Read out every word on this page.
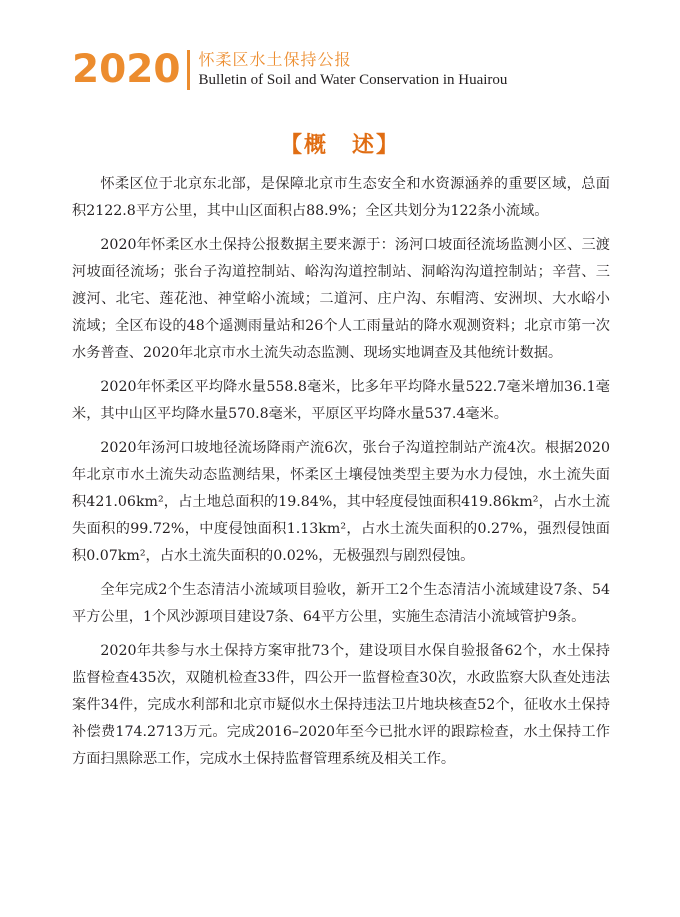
2020 怀柔区水土保持公报
Bulletin of Soil and Water Conservation in Huairou
【概　述】

怀柔区位于北京东北部，是保障北京市生态安全和水资源涵养的重要区域，总面积2122.8平方公里，其中山区面积占88.9%；全区共划分为122条小流域。

2020年怀柔区水土保持公报数据主要来源于：汤河口坡面径流场监测小区、三渡河坡面径流场；张台子沟道控制站、峪沟沟道控制站、洞峪沟沟道控制站；辛营、三渡河、北宅、莲花池、神堂峪小流域；二道河、庄户沟、东帽湾、安洲坝、大水峪小流域；全区布设的48个遥测雨量站和26个人工雨量站的降水观测资料；北京市第一次水务普查、2020年北京市水土流失动态监测、现场实地调查及其他统计数据。

2020年怀柔区平均降水量558.8毫米，比多年平均降水量522.7毫米增加36.1毫米，其中山区平均降水量570.8毫米，平原区平均降水量537.4毫米。

2020年汤河口坡地径流场降雨产流6次，张台子沟道控制站产流4次。根据2020年北京市水土流失动态监测结果，怀柔区土壤侵蚀类型主要为水力侵蚀，水土流失面积421.06km²，占土地总面积的19.84%，其中轻度侵蚀面积419.86km²，占水土流失面积的99.72%，中度侵蚀面积1.13km²，占水土流失面积的0.27%，强烈侵蚀面积0.07km²，占水土流失面积的0.02%，无极强烈与剧烈侵蚀。

全年完成2个生态清洁小流域项目验收，新开工2个生态清洁小流域建设7条、54平方公里，1个风沙源项目建设7条、64平方公里，实施生态清洁小流域管护9条。

2020年共参与水土保持方案审批73个，建设项目水保自验报备62个，水土保持监督检查435次，双随机检查33件，四公开一监督检查30次，水政监察大队查处违法案件34件，完成水利部和北京市疑似水土保持违法卫片地块核查52个，征收水土保持补偿费174.2713万元。完成2016–2020年至今已批水评的跟踪检查，水土保持工作方面扫黑除恶工作，完成水土保持监督管理系统及相关工作。
